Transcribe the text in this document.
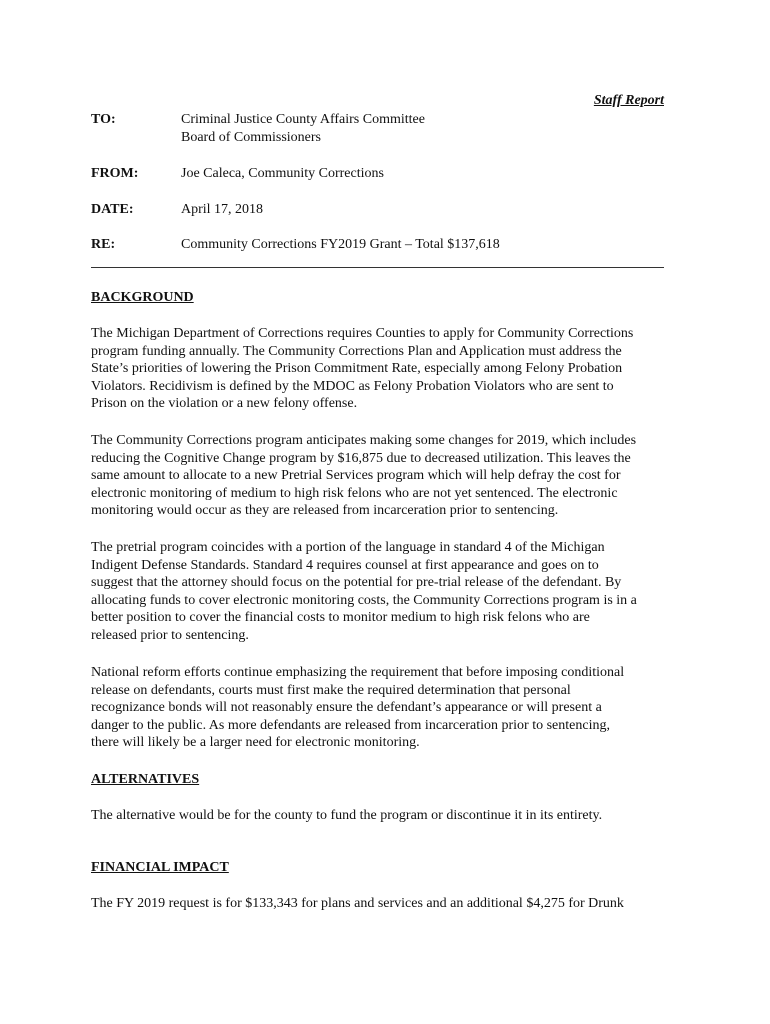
Staff Report
TO:	Criminal Justice County Affairs Committee
Board of Commissioners
FROM:	Joe Caleca, Community Corrections
DATE:	April 17, 2018
RE:	Community Corrections FY2019 Grant – Total $137,618
BACKGROUND
The Michigan Department of Corrections requires Counties to apply for Community Corrections
program funding annually. The Community Corrections Plan and Application must address the
State’s priorities of lowering the Prison Commitment Rate, especially among Felony Probation
Violators. Recidivism is defined by the MDOC as Felony Probation Violators who are sent to
Prison on the violation or a new felony offense.
The Community Corrections program anticipates making some changes for 2019, which includes
reducing the Cognitive Change program by $16,875 due to decreased utilization. This leaves the
same amount to allocate to a new Pretrial Services program which will help defray the cost for
electronic monitoring of medium to high risk felons who are not yet sentenced. The electronic
monitoring would occur as they are released from incarceration prior to sentencing.
The pretrial program coincides with a portion of the language in standard 4 of the Michigan
Indigent Defense Standards. Standard 4 requires counsel at first appearance and goes on to
suggest that the attorney should focus on the potential for pre-trial release of the defendant. By
allocating funds to cover electronic monitoring costs, the Community Corrections program is in a
better position to cover the financial costs to monitor medium to high risk felons who are
released prior to sentencing.
National reform efforts continue emphasizing the requirement that before imposing conditional
release on defendants, courts must first make the required determination that personal
recognizance bonds will not reasonably ensure the defendant’s appearance or will present a
danger to the public. As more defendants are released from incarceration prior to sentencing,
there will likely be a larger need for electronic monitoring.
ALTERNATIVES
The alternative would be for the county to fund the program or discontinue it in its entirety.
FINANCIAL IMPACT
The FY 2019 request is for $133,343 for plans and services and an additional $4,275 for Drunk
